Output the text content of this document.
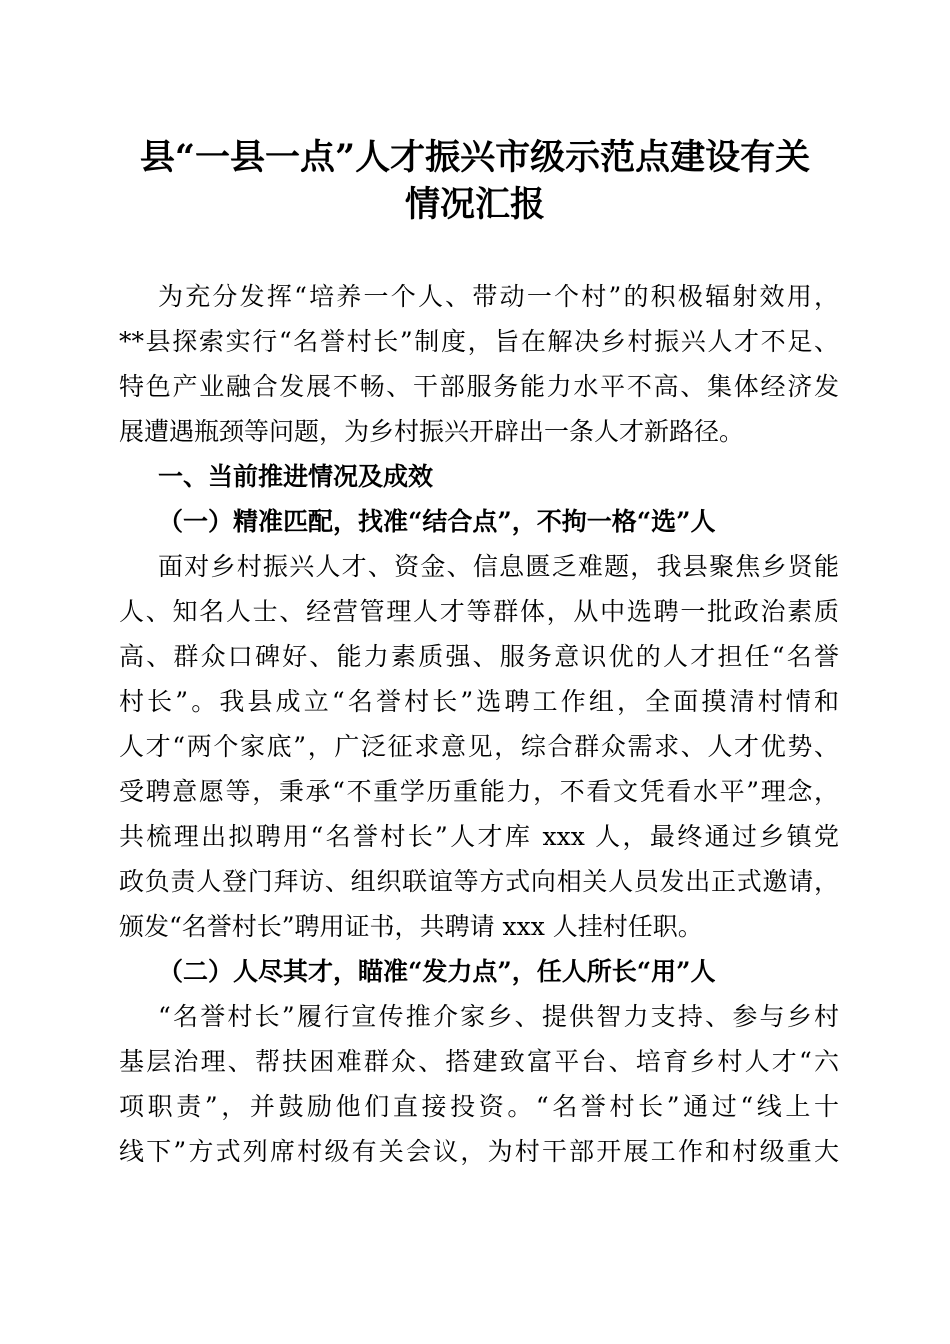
县“一县一点”人才振兴市级示范点建设有关
情况汇报
为充分发挥“培养一个人、带动一个村”的积极辐射效用，
**县探索实行“名誉村长”制度，旨在解决乡村振兴人才不足、
特色产业融合发展不畅、干部服务能力水平不高、集体经济发
展遭遇瓶颈等问题，为乡村振兴开辟出一条人才新路径。
一、当前推进情况及成效
（一）精准匹配，找准“结合点”，不拘一格“选”人
面对乡村振兴人才、资金、信息匮乏难题，我县聚焦乡贤能
人、知名人士、经营管理人才等群体，从中选聘一批政治素质
高、群众口碑好、能力素质强、服务意识优的人才担任“名誉
村长”。我县成立“名誉村长”选聘工作组，全面摸清村情和
人才“两个家底”，广泛征求意见，综合群众需求、人才优势、
受聘意愿等，秉承“不重学历重能力，不看文凭看水平”理念，
共梳理出拟聘用“名誉村长”人才库 xxx 人，最终通过乡镇党
政负责人登门拜访、组织联谊等方式向相关人员发出正式邀请，
颁发“名誉村长”聘用证书，共聘请 xxx 人挂村任职。
（二）人尽其才，瞄准“发力点”，任人所长“用”人
“名誉村长”履行宣传推介家乡、提供智力支持、参与乡村
基层治理、帮扶困难群众、搭建致富平台、培育乡村人才“六
项职责”，并鼓励他们直接投资。“名誉村长”通过“线上十
线下”方式列席村级有关会议，为村干部开展工作和村级重大
